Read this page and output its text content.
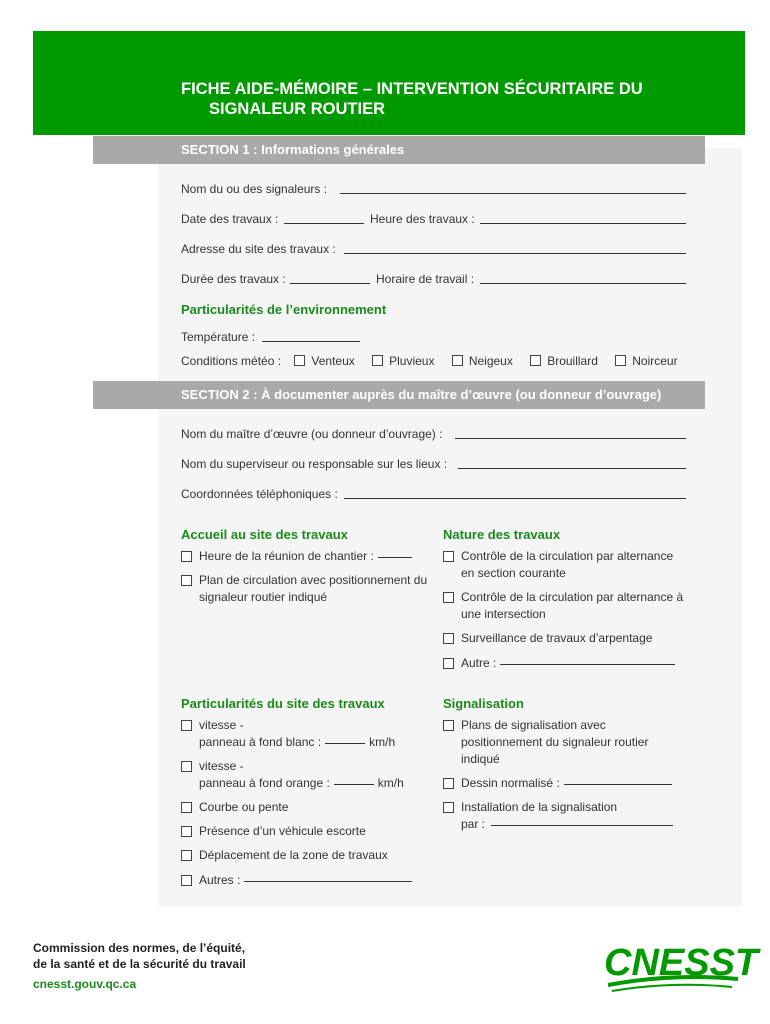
FICHE AIDE-MÉMOIRE – INTERVENTION SÉCURITAIRE DU
SIGNALEUR ROUTIER
SECTION 1 : Informations générales
Nom du ou des signaleurs :
Date des travaux :	Heure des travaux :
Adresse du site des travaux :
Durée des travaux :	Horaire de travail :
Particularités de l’environnement
Température :
Conditions météo :	Venteux	Pluvieux	Neigeux	Brouillard	Noirceur
SECTION 2 : À documenter auprès du maître d’œuvre (ou donneur d’ouvrage)
Nom du maître d’œuvre (ou donneur d’ouvrage) :
Nom du superviseur ou responsable sur les lieux :
Coordonnées téléphoniques :
Accueil au site des travaux
Heure de la réunion de chantier :
Plan de circulation avec positionnement du signaleur routier indiqué
Nature des travaux
Contrôle de la circulation par alternance en section courante
Contrôle de la circulation par alternance à une intersection
Surveillance de travaux d’arpentage
Autre :
Particularités du site des travaux
vitesse -
panneau à fond blanc :	km/h
vitesse -
panneau à fond orange :	km/h
Courbe ou pente
Présence d’un véhicule escorte
Déplacement de la zone de travaux
Autres :
Signalisation
Plans de signalisation avec positionnement du signaleur routier indiqué
Dessin normalisé :
Installation de la signalisation
par :
Commission des normes, de l’équité,
de la santé et de la sécurité du travail
cnesst.gouv.qc.ca	CNESST
